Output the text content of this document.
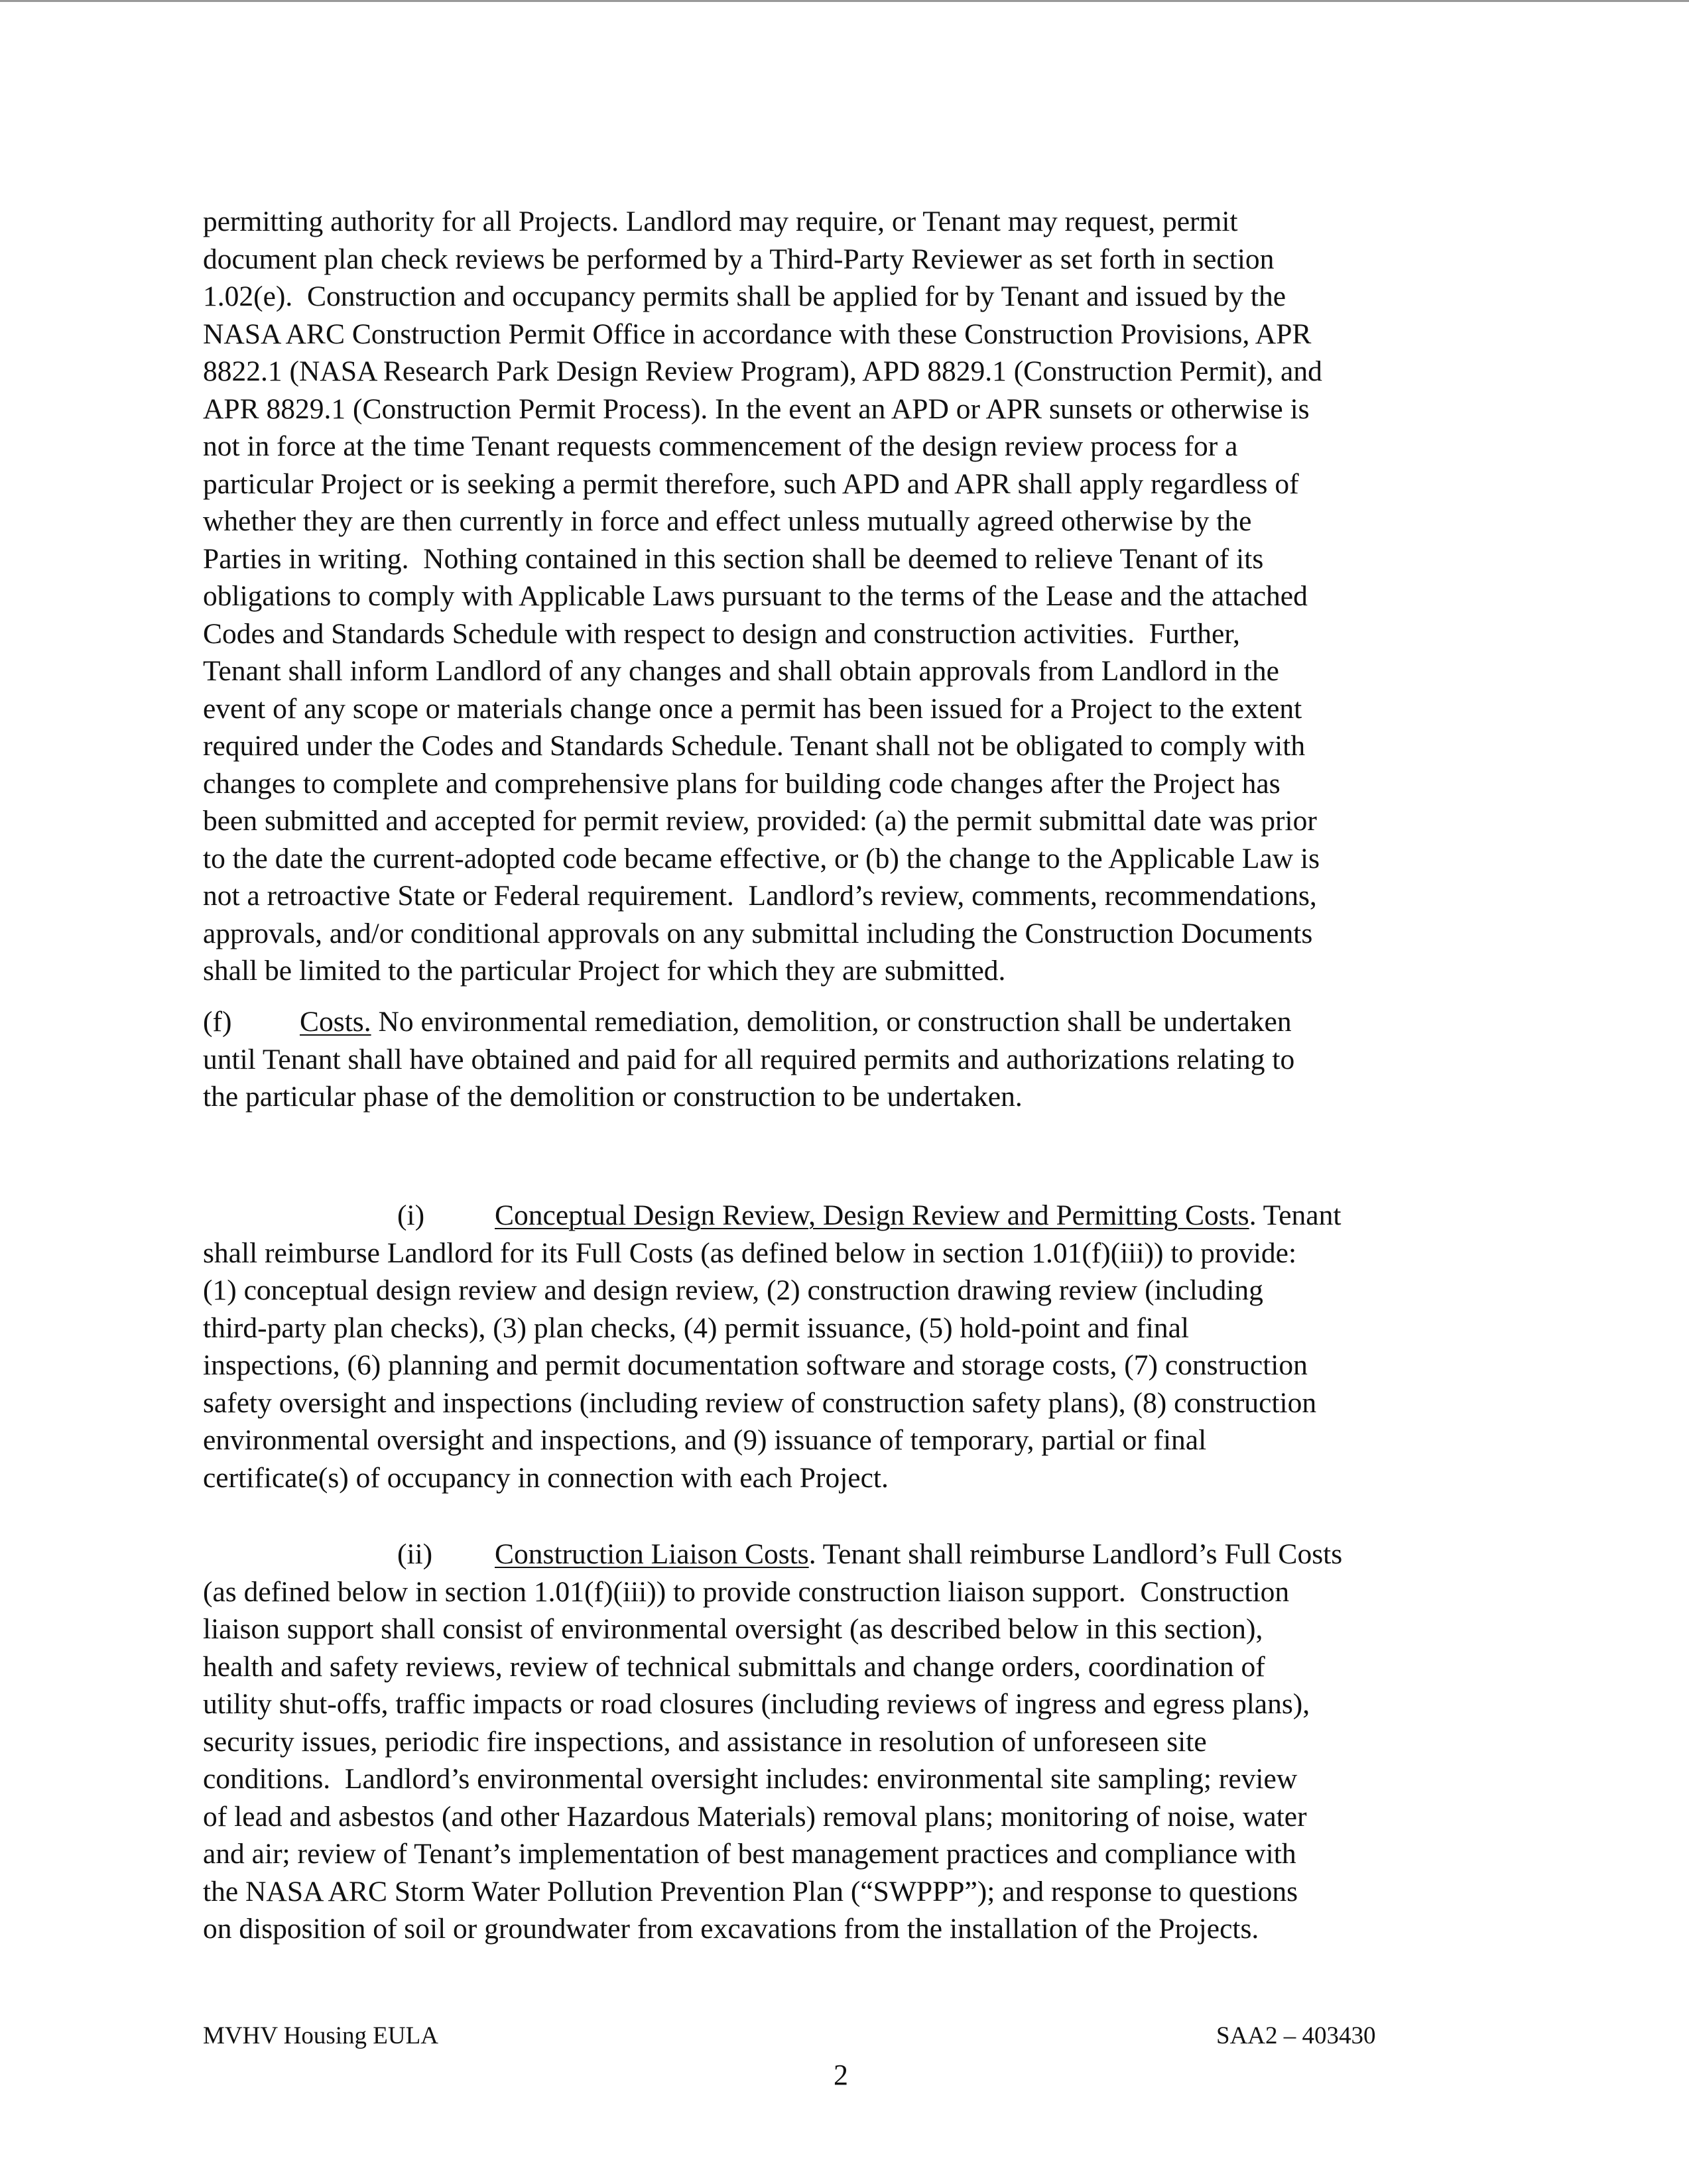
permitting authority for all Projects. Landlord may require, or Tenant may request, permit
document plan check reviews be performed by a Third-Party Reviewer as set forth in section
1.02(e).  Construction and occupancy permits shall be applied for by Tenant and issued by the
NASA ARC Construction Permit Office in accordance with these Construction Provisions, APR
8822.1 (NASA Research Park Design Review Program), APD 8829.1 (Construction Permit), and
APR 8829.1 (Construction Permit Process). In the event an APD or APR sunsets or otherwise is
not in force at the time Tenant requests commencement of the design review process for a
particular Project or is seeking a permit therefore, such APD and APR shall apply regardless of
whether they are then currently in force and effect unless mutually agreed otherwise by the
Parties in writing.  Nothing contained in this section shall be deemed to relieve Tenant of its
obligations to comply with Applicable Laws pursuant to the terms of the Lease and the attached
Codes and Standards Schedule with respect to design and construction activities.  Further,
Tenant shall inform Landlord of any changes and shall obtain approvals from Landlord in the
event of any scope or materials change once a permit has been issued for a Project to the extent
required under the Codes and Standards Schedule. Tenant shall not be obligated to comply with
changes to complete and comprehensive plans for building code changes after the Project has
been submitted and accepted for permit review, provided: (a) the permit submittal date was prior
to the date the current-adopted code became effective, or (b) the change to the Applicable Law is
not a retroactive State or Federal requirement.  Landlord’s review, comments, recommendations,
approvals, and/or conditional approvals on any submittal including the Construction Documents
shall be limited to the particular Project for which they are submitted.
(f) Costs. No environmental remediation, demolition, or construction shall be undertaken
until Tenant shall have obtained and paid for all required permits and authorizations relating to
the particular phase of the demolition or construction to be undertaken.
(i) Conceptual Design Review, Design Review and Permitting Costs. Tenant
shall reimburse Landlord for its Full Costs (as defined below in section 1.01(f)(iii)) to provide:
(1) conceptual design review and design review, (2) construction drawing review (including
third-party plan checks), (3) plan checks, (4) permit issuance, (5) hold-point and final
inspections, (6) planning and permit documentation software and storage costs, (7) construction
safety oversight and inspections (including review of construction safety plans), (8) construction
environmental oversight and inspections, and (9) issuance of temporary, partial or final
certificate(s) of occupancy in connection with each Project.
(ii) Construction Liaison Costs. Tenant shall reimburse Landlord’s Full Costs
(as defined below in section 1.01(f)(iii)) to provide construction liaison support.  Construction
liaison support shall consist of environmental oversight (as described below in this section),
health and safety reviews, review of technical submittals and change orders, coordination of
utility shut-offs, traffic impacts or road closures (including reviews of ingress and egress plans),
security issues, periodic fire inspections, and assistance in resolution of unforeseen site
conditions.  Landlord’s environmental oversight includes: environmental site sampling; review
of lead and asbestos (and other Hazardous Materials) removal plans; monitoring of noise, water
and air; review of Tenant’s implementation of best management practices and compliance with
the NASA ARC Storm Water Pollution Prevention Plan (“SWPPP”); and response to questions
on disposition of soil or groundwater from excavations from the installation of the Projects.
MVHV Housing EULA	SAA2 – 403430
2
